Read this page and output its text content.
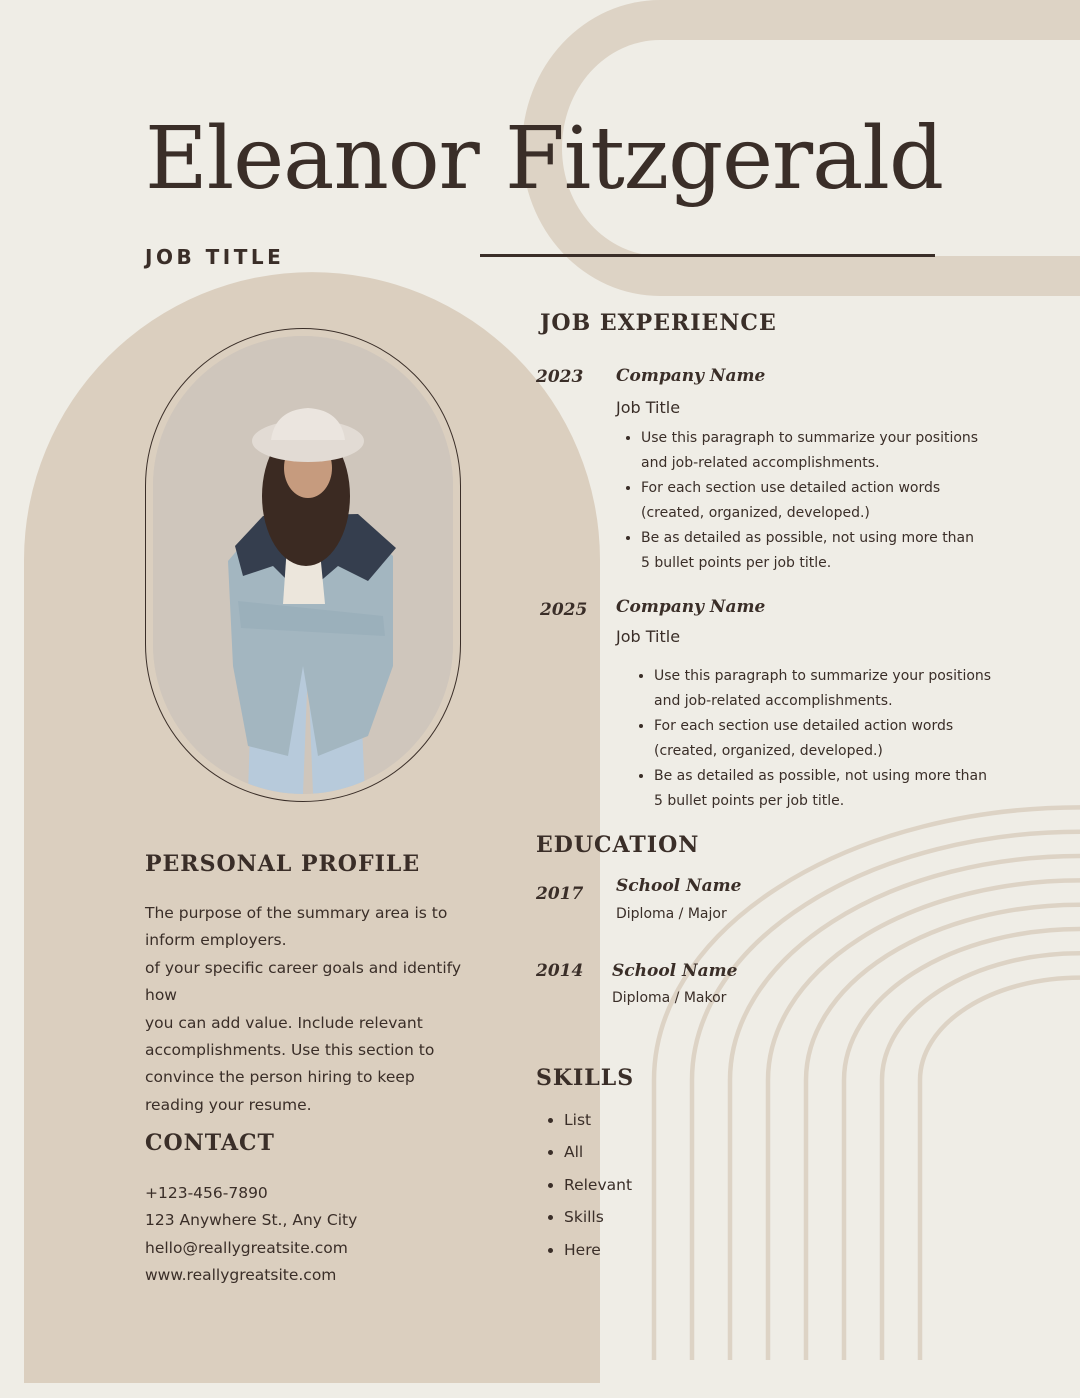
Eleanor Fitzgerald
JOB TITLE
JOB EXPERIENCE
2023 Company Name
Job Title
• Use this paragraph to summarize your positions and job-related accomplishments.
• For each section use detailed action words (created, organized, developed.)
• Be as detailed as possible, not using more than 5 bullet points per job title.
2025 Company Name
Job Title
• Use this paragraph to summarize your positions and job-related accomplishments.
• For each section use detailed action words (created, organized, developed.)
• Be as detailed as possible, not using more than 5 bullet points per job title.
EDUCATION
2017 School Name
Diploma / Major
2014 School Name
Diploma / Makor
SKILLS
• List
• All
• Relevant
• Skills
• Here
PERSONAL PROFILE
The purpose of the summary area is to
inform employers.
of your specific career goals and identify
how
you can add value. Include relevant
accomplishments. Use this section to
convince the person hiring to keep
reading your resume.
CONTACT
+123-456-7890
123 Anywhere St., Any City
hello@reallygreatsite.com
www.reallygreatsite.com
